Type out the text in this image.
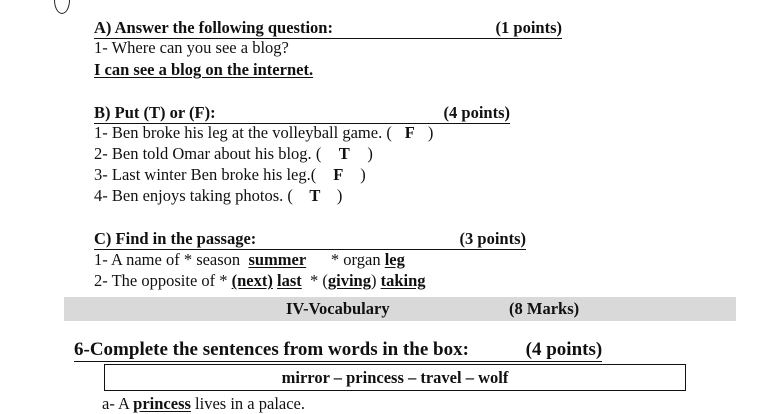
A) Answer the following question:	(1 points)
1- Where can you see a blog?
I can see a blog on the internet.
B) Put (T) or (F):	(4 points)
1- Ben broke his leg at the volleyball game. ( F )
2- Ben told Omar about his blog. ( T )
3- Last winter Ben broke his leg.( F )
4- Ben enjoys taking photos. ( T )
C) Find in the passage:	(3 points)
1- A name of * season summer * organ leg
2- The opposite of * (next) last * (giving) taking
IV-Vocabulary	(8 Marks)
6-Complete the sentences from words in the box:	(4 points)
mirror – princess – travel – wolf
a- A princess lives in a palace.
